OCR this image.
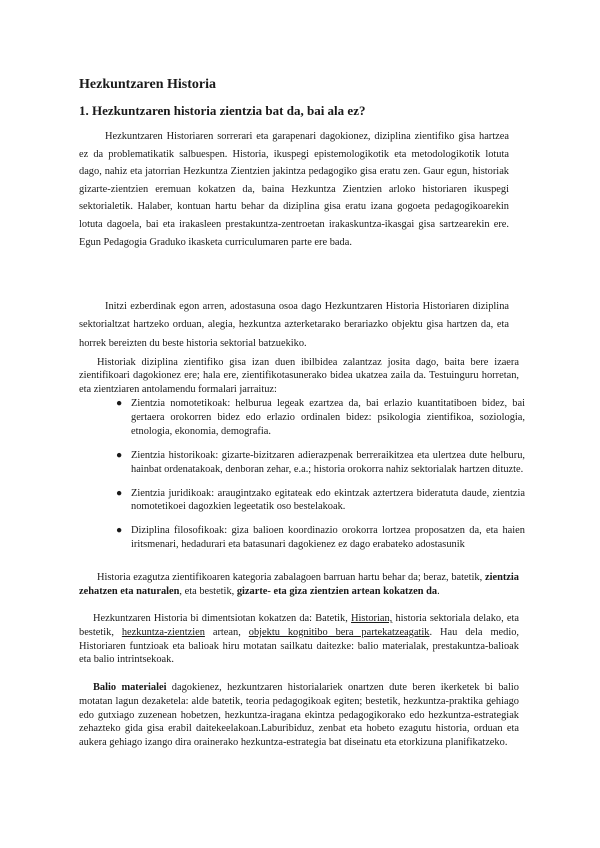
Hezkuntzaren Historia
1. Hezkuntzaren historia zientzia bat da, bai ala ez?

Hezkuntzaren Historiaren sorrerari eta garapenari dagokionez, diziplina zientifiko gisa hartzea ez da problematikatik salbuespen. Historia, ikuspegi epistemologikotik eta metodologikotik lotuta dago, nahiz eta jatorrian Hezkuntza Zientzien jakintza pedagogiko gisa eratu zen. Gaur egun, historiak gizarte-zientzien eremuan kokatzen da, baina Hezkuntza Zientzien arloko historiaren ikuspegi sektorialetik. Halaber, kontuan hartu behar da diziplina gisa eratu izana gogoeta pedagogikoarekin lotuta dagoela, bai eta irakasleen prestakuntza-zentroetan irakaskuntza-ikasgai gisa sartzearekin ere. Egun Pedagogia Graduko ikasketa curriculumaren parte ere bada.

Initzi ezberdinak egon arren, adostasuna osoa dago Hezkuntzaren Historia Historiaren diziplina sektorialtzat hartzeko orduan, alegia, hezkuntza azterketarako berariazko objektu gisa hartzen da, eta horrek bereizten du beste historia sektorial batzuekiko.

Historiak diziplina zientifiko gisa izan duen ibilbidea zalantzaz josita dago, baita bere izaera zientifikoari dagokionez ere; hala ere, zientifikotasunerako bidea ukatzea zaila da. Testuinguru horretan, eta zientziaren antolamendu formalari jarraituz:

● Zientzia nomotetikoak: helburua legeak ezartzea da, bai erlazio kuantitatiboen bidez, bai gertaera orokorren bidez edo erlazio ordinalen bidez: psikologia zientifikoa, soziologia, etnologia, ekonomia, demografia.
● Zientzia historikoak: gizarte-bizitzaren adierazpenak berreraikitzea eta ulertzea dute helburu, hainbat ordenatakoak, denboran zehar, e.a.; historia orokorra nahiz sektorialak hartzen dituzte.
● Zientzia juridikoak: araugintzako egitateak edo ekintzak aztertzera bideratuta daude, zientzia nomotetikoei dagozkien legeetatik oso bestelakoak.
● Diziplina filosofikoak: giza balioen koordinazio orokorra lortzea proposatzen da, eta haien iritsmenari, hedadurari eta batasunari dagokienez ez dago erabateko adostasunik

Historia ezagutza zientifikoaren kategoria zabalagoen barruan hartu behar da; beraz, batetik, zientzia zehatzen eta naturalen, eta bestetik, gizarte- eta giza zientzien artean kokatzen da.

Hezkuntzaren Historia bi dimentsiotan kokatzen da: Batetik, Historian, historia sektoriala delako, eta bestetik, hezkuntza-zientzien artean, objektu kognitibo bera partekatzeagatik. Hau dela medio, Historiaren funtzioak eta balioak hiru motatan sailkatu daitezke: balio materialak, prestakuntza-balioak eta balio intrintsekoak.

Balio materialei dagokienez, hezkuntzaren historialariek onartzen dute beren ikerketek bi balio motatan lagun dezaketela: alde batetik, teoria pedagogikoak egiten; bestetik, hezkuntza-praktika gehiago edo gutxiago zuzenean hobetzen, hezkuntza-iragana ekintza pedagogikorako edo hezkuntza-estrategiak zehazteko gida gisa erabil daitekeelakoan.Laburibiduz, zenbat eta hobeto ezagutu historia, orduan eta aukera gehiago izango dira orainerako hezkuntza-estrategia bat diseinatu eta etorkizuna planifikatzeko.
